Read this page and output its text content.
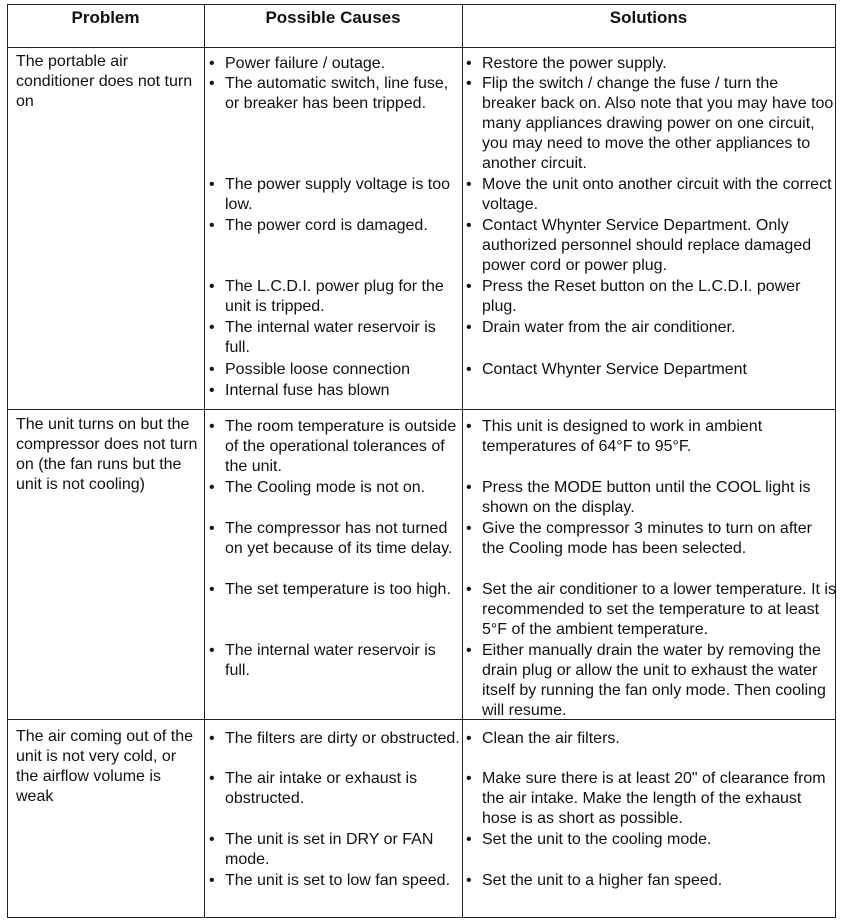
Problem	Possible Causes	Solutions
The portable air conditioner does not turn on
• Power failure / outage.
• The automatic switch, line fuse, or breaker has been tripped.
• The power supply voltage is too low.
• The power cord is damaged.
• The L.C.D.I. power plug for the unit is tripped.
• The internal water reservoir is full.
• Possible loose connection
• Internal fuse has blown
• Restore the power supply.
• Flip the switch / change the fuse / turn the breaker back on. Also note that you may have too many appliances drawing power on one circuit, you may need to move the other appliances to another circuit.
• Move the unit onto another circuit with the correct voltage.
• Contact Whynter Service Department. Only authorized personnel should replace damaged power cord or power plug.
• Press the Reset button on the L.C.D.I. power plug.
• Drain water from the air conditioner.
• Contact Whynter Service Department
The unit turns on but the compressor does not turn on (the fan runs but the unit is not cooling)
• The room temperature is outside of the operational tolerances of the unit.
• The Cooling mode is not on.
• The compressor has not turned on yet because of its time delay.
• The set temperature is too high.
• The internal water reservoir is full.
• This unit is designed to work in ambient temperatures of 64°F to 95°F.
• Press the MODE button until the COOL light is shown on the display.
• Give the compressor 3 minutes to turn on after the Cooling mode has been selected.
• Set the air conditioner to a lower temperature. It is recommended to set the temperature to at least 5°F of the ambient temperature.
• Either manually drain the water by removing the drain plug or allow the unit to exhaust the water itself by running the fan only mode. Then cooling will resume.
The air coming out of the unit is not very cold, or the airflow volume is weak
• The filters are dirty or obstructed.
• The air intake or exhaust is obstructed.
• The unit is set in DRY or FAN mode.
• The unit is set to low fan speed.
• Clean the air filters.
• Make sure there is at least 20" of clearance from the air intake. Make the length of the exhaust hose is as short as possible.
• Set the unit to the cooling mode.
• Set the unit to a higher fan speed.
